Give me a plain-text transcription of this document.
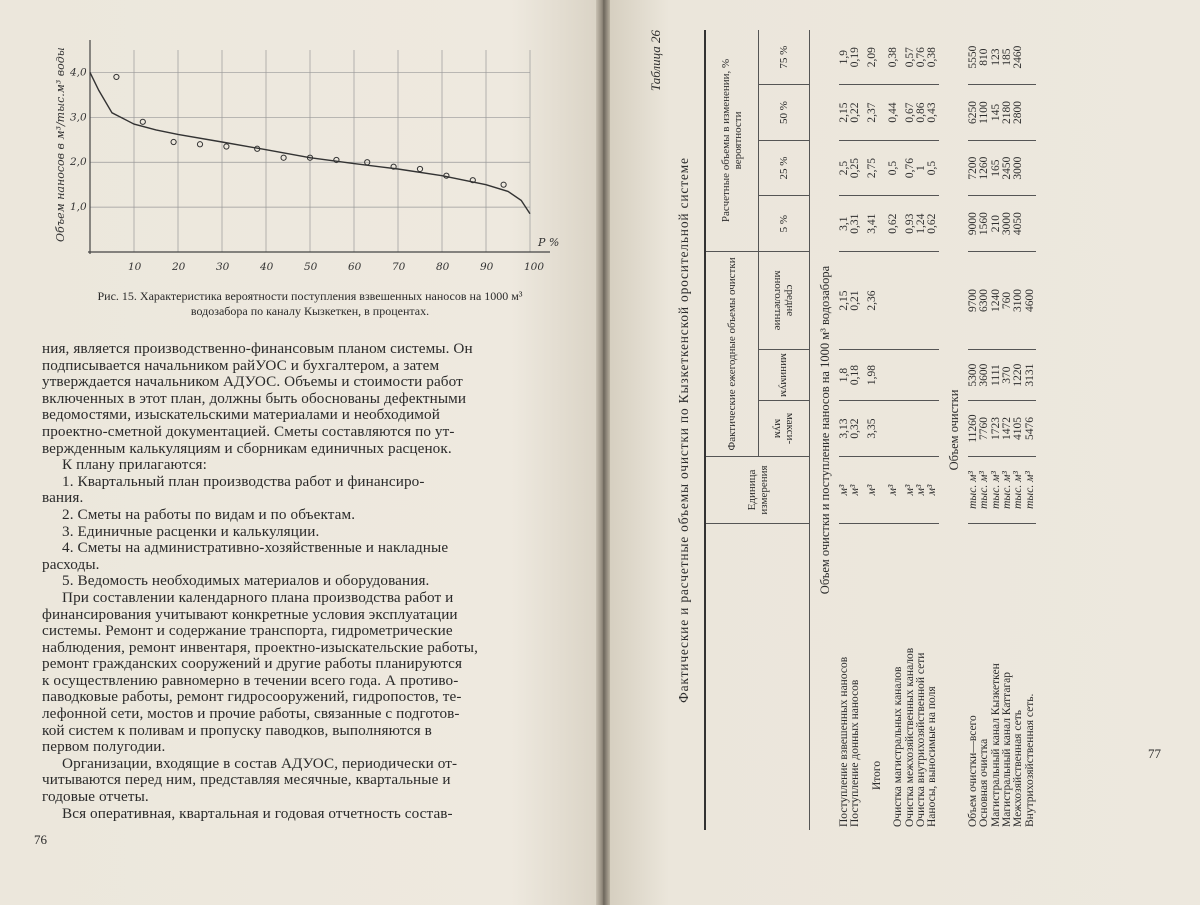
10	20	30	40	50	60	70	80	90	100
1,0
2,0
3,0
4,0
P %
Объем наносов в м³/тыс.м³ воды
Рис. 15. Характеристика вероятности поступления взвешенных наносов на 1000 м³ водозабора по каналу Кызкеткен, в процентах.

ния, является производственно-финансовым планом системы. Он

подписывается начальником райУОС и бухгалтером, а затем

утверждается начальником АДУОС. Объемы и стоимости работ

включенных в этот план, должны быть обоснованы дефектными

ведомостями, изыскательскими материалами и необходимой

проектно-сметной документацией. Сметы составляются по ут-

вержденным калькуляциям и сборникам единичных расценок.

К плану прилагаются:

1. Квартальный план производства работ и финансиро-

вания.

2. Сметы на работы по видам и по объектам.

3. Единичные расценки и калькуляции.

4. Сметы на административно-хозяйственные и накладные

расходы.

5. Ведомость необходимых материалов и оборудования.

При составлении календарного плана производства работ и

финансирования учитывают конкретные условия эксплуатации

системы. Ремонт и содержание транспорта, гидрометрические

наблюдения, ремонт инвентаря, проектно-изыскательские работы,

ремонт гражданских сооружений и другие работы планируются

к осуществлению равномерно в течении всего года. А противо-

паводковые работы, ремонт гидросооружений, гидропостов, те-

лефонной сети, мостов и прочие работы, связанные с подготов-

кой систем к поливам и пропуску паводков, выполняются в

первом полугодии.

Организации, входящие в состав АДУОС, периодически от-

читываются перед ним, представляя месячные, квартальные и

годовые отчеты.

Вся оперативная, квартальная и годовая отчетность состав-

76
77
Таблица 26
Фактические и расчетные объемы очистки по Кызкеткенской оросительной системе
		Единица измерения	Фактические ежегодные объемы очистки			Расчетные объемы в изменении, % вероятности			
		макси-мум	минимум	средне многолетние	5 %	25 %	50 %	75 %
Объем очистки и поступление наносов на 1000 м³ водозабора								
Поступление взвешенных наносов	м³	3,13	1,8	2,15	3,1	2,5	2,15	1,9
Поступление донных наносов	м³	0,32	0,18	0,21	0,31	0,25	0,22	0,19
Итого	м³	3,35	1,98	2,36	3,41	2,75	2,37	2,09
Очистка магистральных каналов	м³				0,62	0,5	0,44	0,38
Очистка межхозяйственных каналов	м³				0,93	0,76	0,67	0,57
Очистка внутрихозяйственной сети	м³				1,24	1	0,86	0,76
Наносы, выносимые на поля	м³				0,62	0,5	0,43	0,38
Объем очистки								
Объем очистки—всего	тыс. м³	11260	5300	9700	9000	7200	6250	5550
Основная очистка	тыс. м³	7760	3600	6300	1560	1260	1100	810
Магистральный канал Кызкеткен	тыс. м³	1723	1111	1240	210	165	145	123
Магистральный канал Каттагар	тыс. м³	1472	370	760	3000	2450	2180	185
Межхозяйственная сеть	тыс. м³	4105	1220	3100	4050	3000	2800	2460
Внутрихозяйственная сеть.	тыс. м³	5476	3131	4600				
